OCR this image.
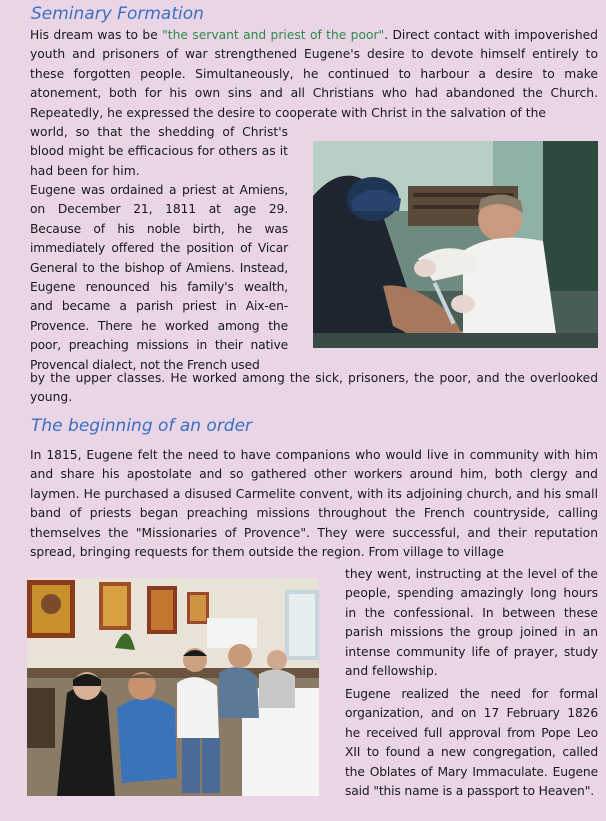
Seminary Formation

His dream was to be "the servant and priest of the poor". Direct contact with impoverished youth and prisoners of war strengthened Eugene's desire to devote himself entirely to these forgotten people. Simultaneously, he continued to harbour a desire to make atonement, both for his own sins and all Christians who had abandoned the Church. Repeatedly, he expressed the desire to cooperate with Christ in the salvation of the

world, so that the shedding of Christ's blood might be efficacious for others as it had been for him.

Eugene was ordained a priest at Amiens, on December 21, 1811 at age 29. Because of his noble birth, he was immediately offered the position of Vicar General to the bishop of Amiens. Instead, Eugene renounced his family's wealth, and became a parish priest in Aix-en-Provence. There he worked among the poor, preaching missions in their native Provencal dialect, not the French used

by the upper classes. He worked among the sick, prisoners, the poor, and the overlooked young.

The beginning of an order

In 1815, Eugene felt the need to have companions who would live in community with him and share his apostolate and so gathered other workers around him, both clergy and laymen. He purchased a disused Carmelite convent, with its adjoining church, and his small band of priests began preaching missions throughout the French countryside, calling themselves the "Missionaries of Provence". They were successful, and their reputation spread, bringing requests for them outside the region. From village to village

they went, instructing at the level of the people, spending amazingly long hours in the confessional. In between these parish missions the group joined in an intense community life of prayer, study and fellowship.

Eugene realized the need for formal organization, and on 17 February 1826 he received full approval from Pope Leo XII to found a new congregation, called the Oblates of Mary Immaculate. Eugene said "this name is a passport to Heaven".
